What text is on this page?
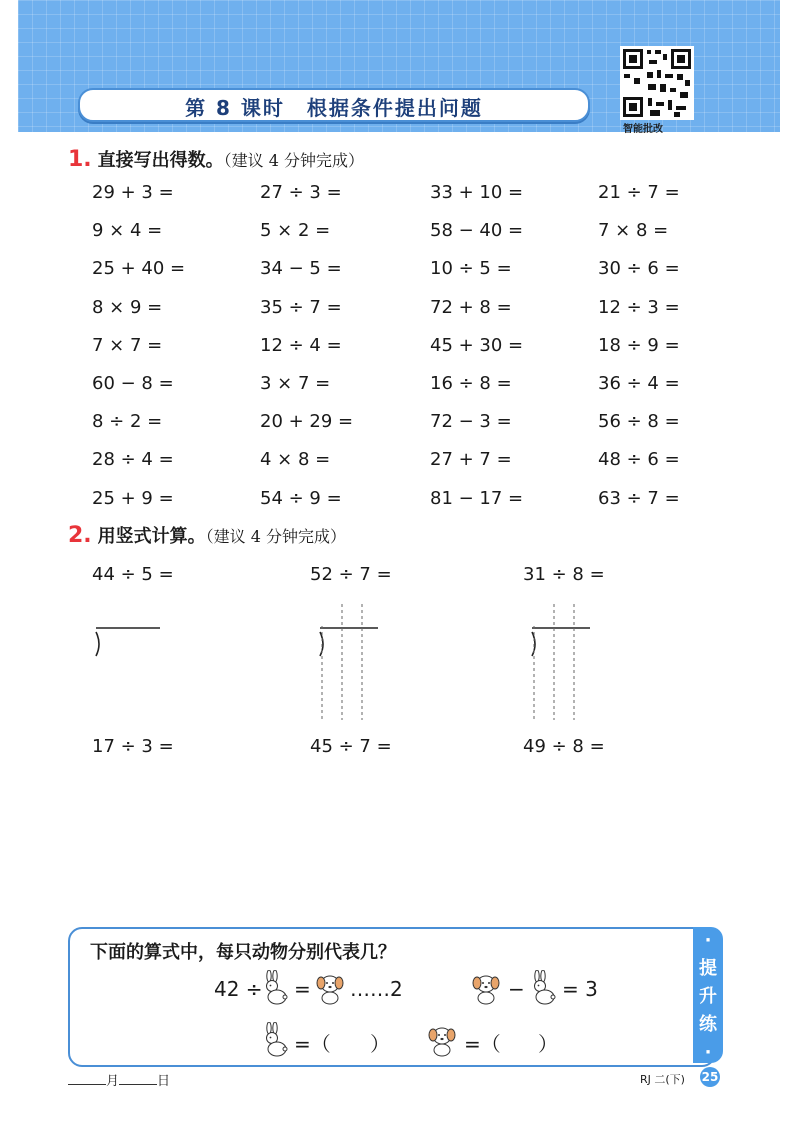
第 8 课时　根据条件提出问题
智能批改
1. 直接写出得数。（建议 4 分钟完成）
29 + 3 =	27 ÷ 3 =	33 + 10 =	21 ÷ 7 =
9 × 4 =	5 × 2 =	58 − 40 =	7 × 8 =
25 + 40 =	34 − 5 =	10 ÷ 5 =	30 ÷ 6 =
8 × 9 =	35 ÷ 7 =	72 + 8 =	12 ÷ 3 =
7 × 7 =	12 ÷ 4 =	45 + 30 =	18 ÷ 9 =
60 − 8 =	3 × 7 =	16 ÷ 8 =	36 ÷ 4 =
8 ÷ 2 =	20 + 29 =	72 − 3 =	56 ÷ 8 =
28 ÷ 4 =	4 × 8 =	27 + 7 =	48 ÷ 6 =
25 + 9 =	54 ÷ 9 =	81 − 17 =	63 ÷ 7 =
2. 用竖式计算。（建议 4 分钟完成）
44 ÷ 5 =	52 ÷ 7 =	31 ÷ 8 =
17 ÷ 3 =	45 ÷ 7 =	49 ÷ 8 =
·
提
升
练
·
下面的算式中，每只动物分别代表几？
42 ÷ = ……2	− = 3
=（ ）	=（ ）
月	日	RJ 二(下) 25
